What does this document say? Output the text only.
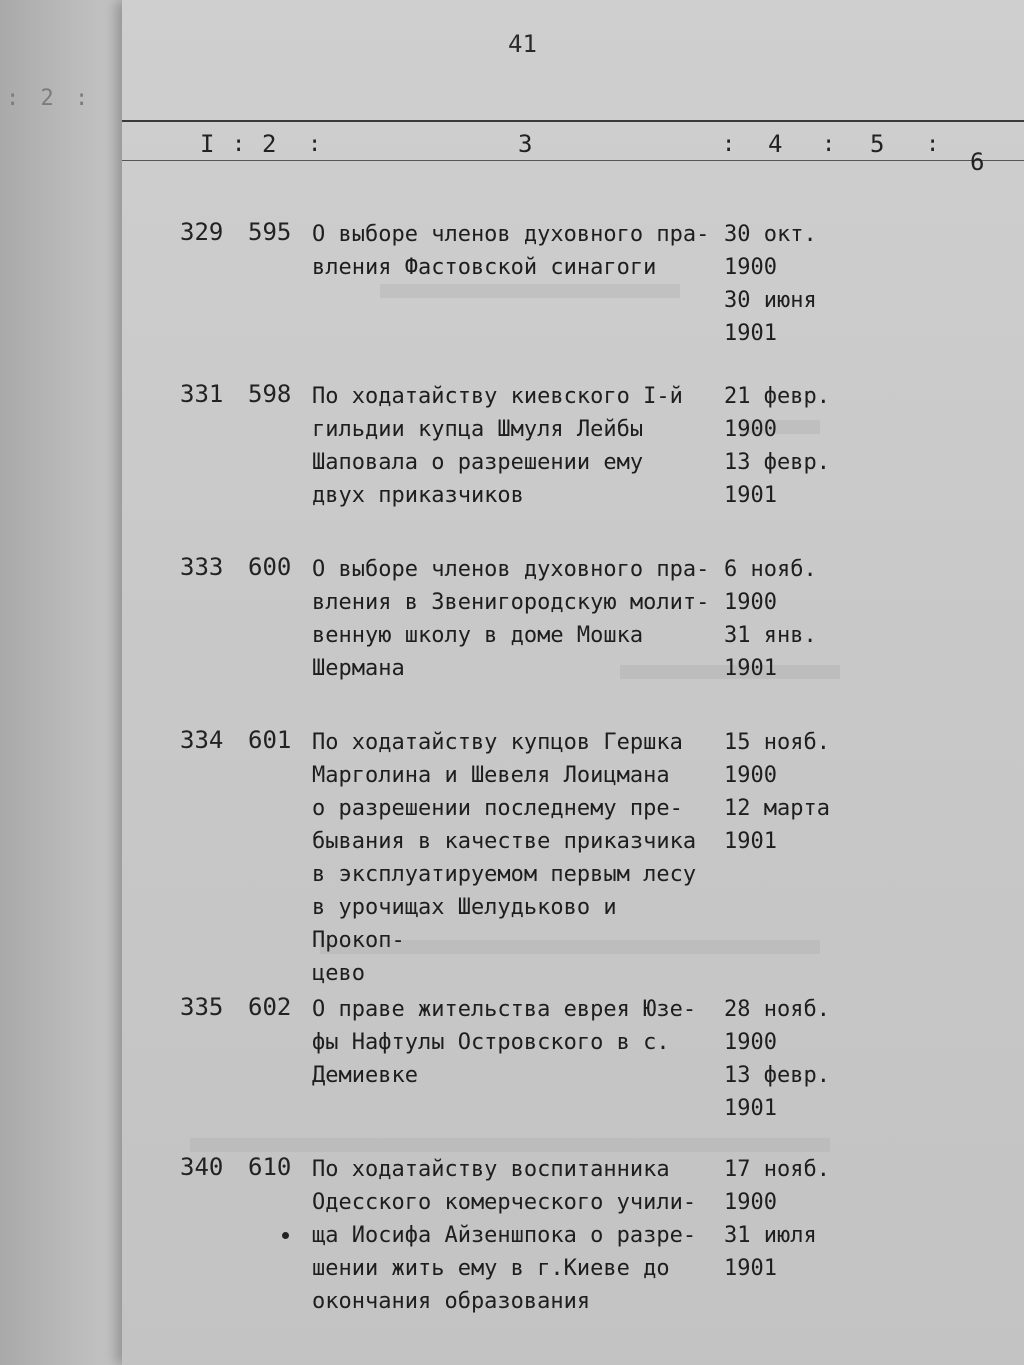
: 2 :
41
I : 2 :	3	: 4 : 5 :
6
329 595 О выборе членов духовного пра-
вления Фастовской синагоги
30 окт.
1900
30 июня
1901
331 598 По ходатайству киевского I-й
гильдии купца Шмуля Лейбы
Шаповала о разрешении ему
двух приказчиков
21 февр.
1900
13 февр.
1901
333 600 О выборе членов духовного пра-
вления в Звенигородскую молит-
венную школу в доме Мошка
Шермана
6 нояб.
1900
31 янв.
1901
334 601 По ходатайству купцов Гершка
Марголина и Шевеля Лоицмана
о разрешении последнему пре-
бывания в качестве приказчика
в эксплуатируемом первым лесу
в урочищах Шелудьково и Прокоп-
цево
15 нояб.
1900
12 марта
1901
335 602 О праве жительства еврея Юзе-
фы Нафтулы Островского в с.
Демиевке
28 нояб.
1900
13 февр.
1901
340 610 По ходатайству воспитанника
Одесского комерческого учили-
ща Иосифа Айзеншпока о разре-
шении жить ему в г.Киеве до
окончания образования
17 нояб.
1900
31 июля
1901
